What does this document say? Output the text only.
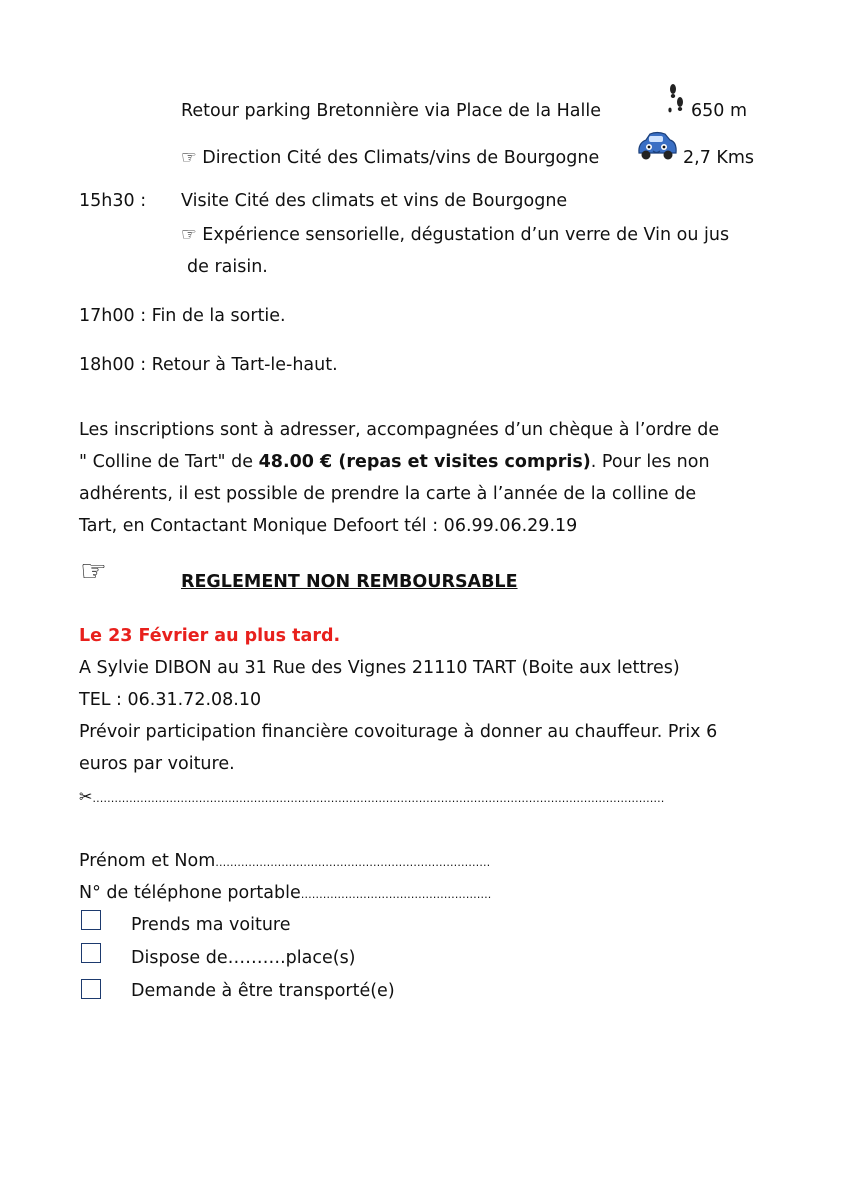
Retour parking Bretonnière via Place de la Halle	650 m
☞ Direction Cité des Climats/vins de Bourgogne	2,7 Kms
15h30 : Visite Cité des climats et vins de Bourgogne
☞ Expérience sensorielle, dégustation d’un verre de Vin ou jus
de raisin.
17h00 : Fin de la sortie.
18h00 : Retour à Tart-le-haut.
Les inscriptions sont à adresser, accompagnées d’un chèque à l’ordre de
" Colline de Tart" de 48.00 € (repas et visites compris). Pour les non
adhérents, il est possible de prendre la carte à l’année de la colline de
Tart, en Contactant Monique Defoort tél : 06.99.06.29.19
☞	REGLEMENT NON REMBOURSABLE
Le 23 Février au plus tard.
A Sylvie DIBON au 31 Rue des Vignes 21110 TART (Boite aux lettres)
TEL : 06.31.72.08.10
Prévoir participation financière covoiturage à donner au chauffeur. Prix 6
euros par voiture.
✂…………………………………………………………………………………………………………………………………………
Prénom et Nom…………………………………………………………………
N° de téléphone portable…………………………………………….
Prends ma voiture
Dispose de……….place(s)
Demande à être transporté(e)
